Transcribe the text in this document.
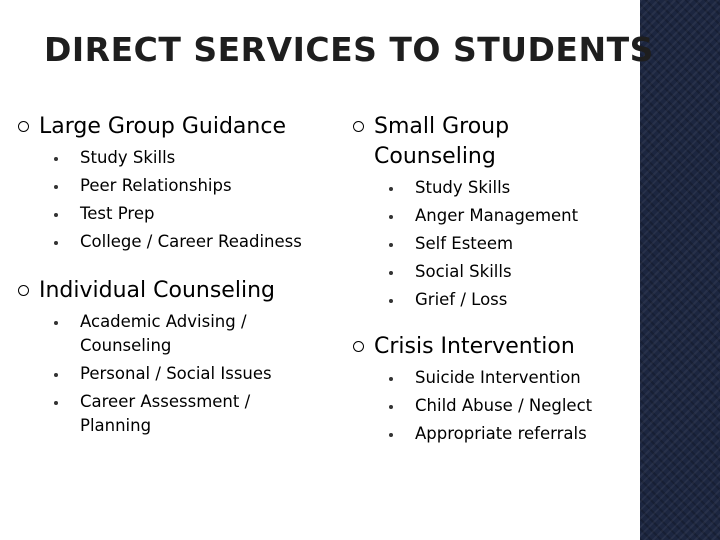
DIRECT SERVICES TO STUDENTS
Large Group Guidance
Study Skills
Peer Relationships
Test Prep
College / Career Readiness
Individual Counseling
Academic Advising / Counseling
Personal / Social Issues
Career Assessment / Planning
Small Group Counseling
Study Skills
Anger Management
Self Esteem
Social Skills
Grief / Loss
Crisis Intervention
Suicide Intervention
Child Abuse / Neglect
Appropriate referrals
